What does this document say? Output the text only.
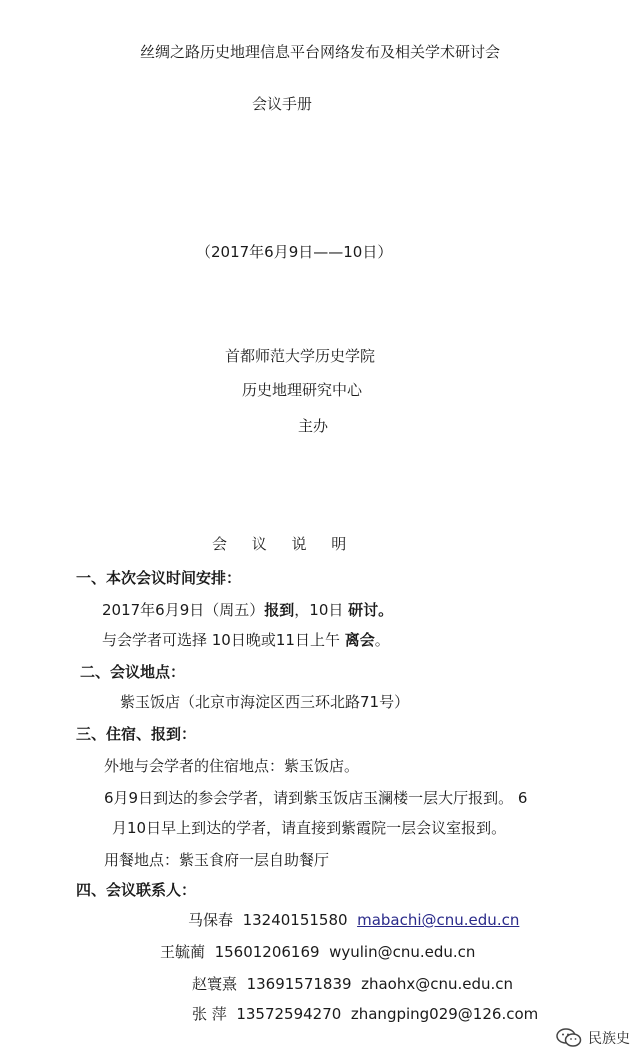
丝绸之路历史地理信息平台网络发布及相关学术研讨会
会议手册
（2017年6月9日——10日）
首都师范大学历史学院
历史地理研究中心
主办
会 议 说 明
一、本次会议时间安排：
2017年6月9日（周五）报到，10日 研讨。
与会学者可选择 10日晚或11日上午 离会。
二、会议地点：
紫玉饭店（北京市海淀区西三环北路71号）
三、住宿、报到：
外地与会学者的住宿地点：紫玉饭店。
6月9日到达的参会学者，请到紫玉饭店玉澜楼一层大厅报到。 6
月10日早上到达的学者，请直接到紫霞院一层会议室报到。
用餐地点：紫玉食府一层自助餐厅
四、会议联系人：
马保春 13240151580 mabachi@cnu.edu.cn
王毓蔺 15601206169 wyulin@cnu.edu.cn
赵寰熹 13691571839 zhaohx@cnu.edu.cn
张 萍 13572594270 zhangping029@126.com
民族史
